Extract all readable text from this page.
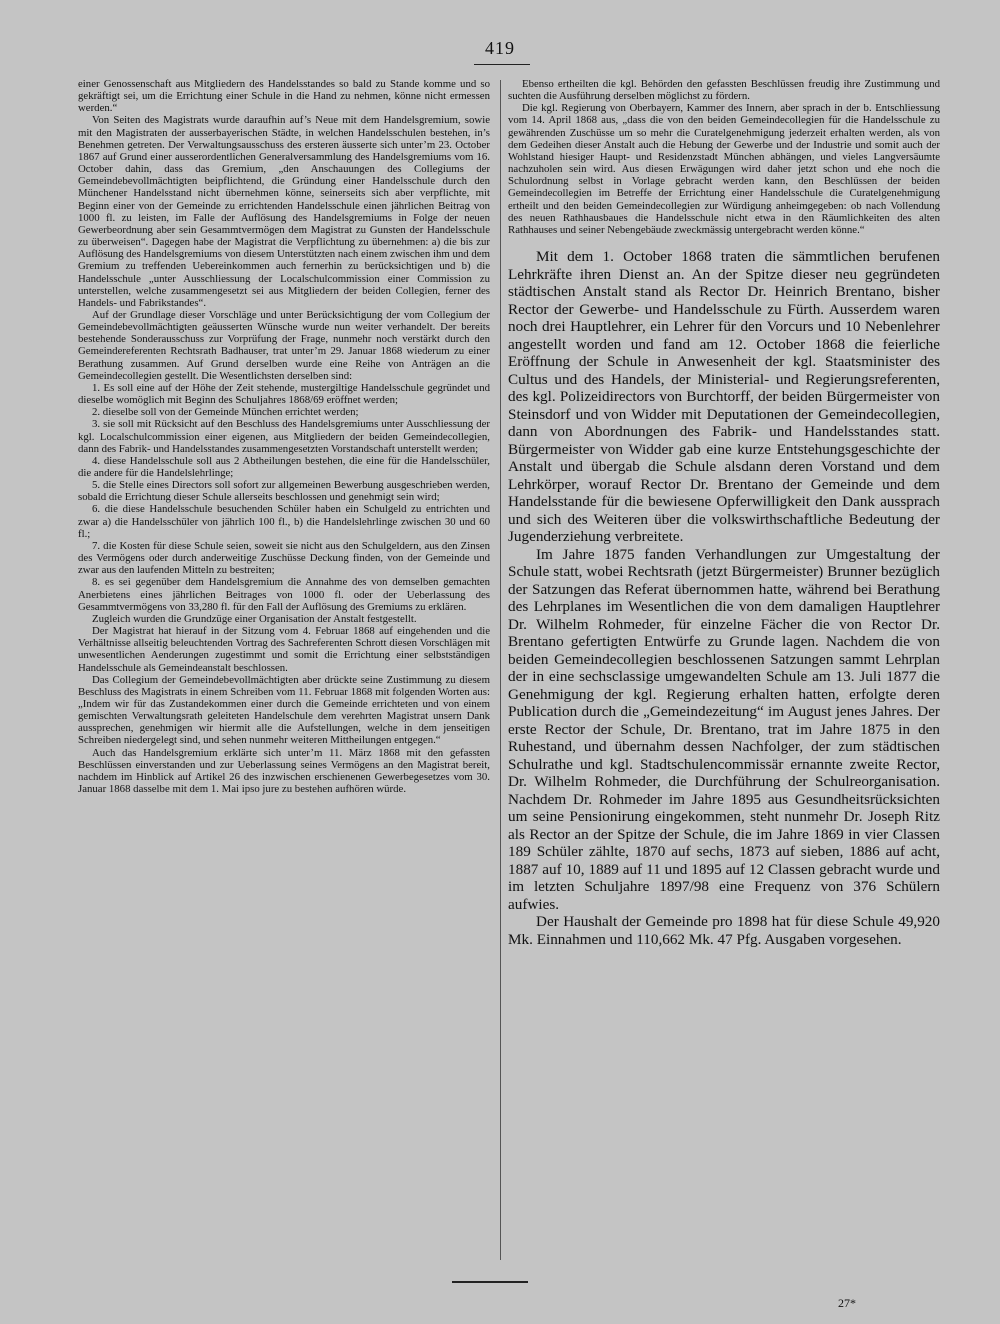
419

einer Genossenschaft aus Mitgliedern des Handelsstandes so bald zu Stande komme und so gekräftigt sei, um die Errichtung einer Schule in die Hand zu nehmen, könne nicht ermessen werden.“

Von Seiten des Magistrats wurde daraufhin auf’s Neue mit dem Handelsgremium, sowie mit den Magistraten der ausserbayerischen Städte, in welchen Handelsschulen bestehen, in’s Benehmen getreten. Der Verwaltungsausschuss des ersteren äusserte sich unter’m 23. October 1867 auf Grund einer ausserordentlichen Generalversammlung des Handelsgremiums vom 16. October dahin, dass das Gremium, „den Anschauungen des Collegiums der Gemeindebevollmächtigten beipflichtend, die Gründung einer Handelsschule durch den Münchener Handelsstand nicht übernehmen könne, seinerseits sich aber verpflichte, mit Beginn einer von der Gemeinde zu errichtenden Handelsschule einen jährlichen Beitrag von 1000 fl. zu leisten, im Falle der Auflösung des Handelsgremiums in Folge der neuen Gewerbeordnung aber sein Gesammtvermögen dem Magistrat zu Gunsten der Handelsschule zu überweisen“. Dagegen habe der Magistrat die Verpflichtung zu übernehmen: a) die bis zur Auflösung des Handelsgremiums von diesem Unterstützten nach einem zwischen ihm und dem Gremium zu treffenden Uebereinkommen auch fernerhin zu berücksichtigen und b) die Handelsschule „unter Ausschliessung der Localschulcommission einer Commission zu unterstellen, welche zusammengesetzt sei aus Mitgliedern der beiden Collegien, ferner des Handels- und Fabrikstandes“.

Auf der Grundlage dieser Vorschläge und unter Berücksichtigung der vom Collegium der Gemeindebevollmächtigten geäusserten Wünsche wurde nun weiter verhandelt. Der bereits bestehende Sonderausschuss zur Vorprüfung der Frage, nunmehr noch verstärkt durch den Gemeindereferenten Rechtsrath Badhauser, trat unter’m 29. Januar 1868 wiederum zu einer Berathung zusammen. Auf Grund derselben wurde eine Reihe von Anträgen an die Gemeindecollegien gestellt. Die Wesentlichsten derselben sind:

1. Es soll eine auf der Höhe der Zeit stehende, mustergiltige Handelsschule gegründet und dieselbe womöglich mit Beginn des Schuljahres 1868/69 eröffnet werden;

2. dieselbe soll von der Gemeinde München errichtet werden;

3. sie soll mit Rücksicht auf den Beschluss des Handelsgremiums unter Ausschliessung der kgl. Localschulcommission einer eigenen, aus Mitgliedern der beiden Gemeindecollegien, dann des Fabrik- und Handelsstandes zusammengesetzten Vorstandschaft unterstellt werden;

4. diese Handelsschule soll aus 2 Abtheilungen bestehen, die eine für die Handelsschüler, die andere für die Handelslehrlinge;

5. die Stelle eines Directors soll sofort zur allgemeinen Bewerbung ausgeschrieben werden, sobald die Errichtung dieser Schule allerseits beschlossen und genehmigt sein wird;

6. die diese Handelsschule besuchenden Schüler haben ein Schulgeld zu entrichten und zwar a) die Handelsschüler von jährlich 100 fl., b) die Handelslehrlinge zwischen 30 und 60 fl.;

7. die Kosten für diese Schule seien, soweit sie nicht aus den Schulgeldern, aus den Zinsen des Vermögens oder durch anderweitige Zuschüsse Deckung finden, von der Gemeinde und zwar aus den laufenden Mitteln zu bestreiten;

8. es sei gegenüber dem Handelsgremium die Annahme des von demselben gemachten Anerbietens eines jährlichen Beitrages von 1000 fl. oder der Ueberlassung des Gesammtvermögens von 33,280 fl. für den Fall der Auflösung des Gremiums zu erklären.

Zugleich wurden die Grundzüge einer Organisation der Anstalt festgestellt.

Der Magistrat hat hierauf in der Sitzung vom 4. Februar 1868 auf eingehenden und die Verhältnisse allseitig beleuchtenden Vortrag des Sachreferenten Schrott diesen Vorschlägen mit unwesentlichen Aenderungen zugestimmt und somit die Errichtung einer selbstständigen Handelsschule als Gemeindeanstalt beschlossen.

Das Collegium der Gemeindebevollmächtigten aber drückte seine Zustimmung zu diesem Beschluss des Magistrats in einem Schreiben vom 11. Februar 1868 mit folgenden Worten aus: „Indem wir für das Zustandekommen einer durch die Gemeinde errichteten und von einem gemischten Verwaltungsrath geleiteten Handelschule dem verehrten Magistrat unsern Dank aussprechen, genehmigen wir hiermit alle die Aufstellungen, welche in dem jenseitigen Schreiben niedergelegt sind, und sehen nunmehr weiteren Mittheilungen entgegen.“

Auch das Handelsgremium erklärte sich unter’m 11. März 1868 mit den gefassten Beschlüssen einverstanden und zur Ueberlassung seines Vermögens an den Magistrat bereit, nachdem im Hinblick auf Artikel 26 des inzwischen erschienenen Gewerbegesetzes vom 30. Januar 1868 dasselbe mit dem 1. Mai ipso jure zu bestehen aufhören würde.

Ebenso ertheilten die kgl. Behörden den gefassten Beschlüssen freudig ihre Zustimmung und suchten die Ausführung derselben möglichst zu fördern.

Die kgl. Regierung von Oberbayern, Kammer des Innern, aber sprach in der b. Entschliessung vom 14. April 1868 aus, „dass die von den beiden Gemeindecollegien für die Handelsschule zu gewährenden Zuschüsse um so mehr die Curatelgenehmigung jederzeit erhalten werden, als von dem Gedeihen dieser Anstalt auch die Hebung der Gewerbe und der Industrie und somit auch der Wohlstand hiesiger Haupt- und Residenzstadt München abhängen, und vieles Langversäumte nachzuholen sein wird. Aus diesen Erwägungen wird daher jetzt schon und ehe noch die Schulordnung selbst in Vorlage gebracht werden kann, den Beschlüssen der beiden Gemeindecollegien im Betreffe der Errichtung einer Handelsschule die Curatelgenehmigung ertheilt und den beiden Gemeindecollegien zur Würdigung anheimgegeben: ob nach Vollendung des neuen Rathhausbaues die Handelsschule nicht etwa in den Räumlichkeiten des alten Rathhauses und seiner Nebengebäude zweckmässig untergebracht werden könne.“

Mit dem 1. October 1868 traten die sämmtlichen berufenen Lehrkräfte ihren Dienst an. An der Spitze dieser neu gegründeten städtischen Anstalt stand als Rector Dr. Heinrich Brentano, bisher Rector der Gewerbe- und Handelsschule zu Fürth. Ausserdem waren noch drei Hauptlehrer, ein Lehrer für den Vorcurs und 10 Nebenlehrer angestellt worden und fand am 12. October 1868 die feierliche Eröffnung der Schule in Anwesenheit der kgl. Staatsminister des Cultus und des Handels, der Ministerial- und Regierungsreferenten, des kgl. Polizeidirectors von Burchtorff, der beiden Bürgermeister von Steinsdorf und von Widder mit Deputationen der Gemeindecollegien, dann von Abordnungen des Fabrik- und Handelsstandes statt. Bürgermeister von Widder gab eine kurze Entstehungsgeschichte der Anstalt und übergab die Schule alsdann deren Vorstand und dem Lehrkörper, worauf Rector Dr. Brentano der Gemeinde und dem Handelsstande für die bewiesene Opferwilligkeit den Dank aussprach und sich des Weiteren über die volkswirthschaftliche Bedeutung der Jugenderziehung verbreitete.

Im Jahre 1875 fanden Verhandlungen zur Umgestaltung der Schule statt, wobei Rechtsrath (jetzt Bürgermeister) Brunner bezüglich der Satzungen das Referat übernommen hatte, während bei Berathung des Lehrplanes im Wesentlichen die von dem damaligen Hauptlehrer Dr. Wilhelm Rohmeder, für einzelne Fächer die von Rector Dr. Brentano gefertigten Entwürfe zu Grunde lagen. Nachdem die von beiden Gemeindecollegien beschlossenen Satzungen sammt Lehrplan der in eine sechsclassige umgewandelten Schule am 13. Juli 1877 die Genehmigung der kgl. Regierung erhalten hatten, erfolgte deren Publication durch die „Gemeindezeitung“ im August jenes Jahres. Der erste Rector der Schule, Dr. Brentano, trat im Jahre 1875 in den Ruhestand, und übernahm dessen Nachfolger, der zum städtischen Schulrathe und kgl. Stadtschulencommissär ernannte zweite Rector, Dr. Wilhelm Rohmeder, die Durchführung der Schulreorganisation. Nachdem Dr. Rohmeder im Jahre 1895 aus Gesundheitsrücksichten um seine Pensionirung eingekommen, steht nunmehr Dr. Joseph Ritz als Rector an der Spitze der Schule, die im Jahre 1869 in vier Classen 189 Schüler zählte, 1870 auf sechs, 1873 auf sieben, 1886 auf acht, 1887 auf 10, 1889 auf 11 und 1895 auf 12 Classen gebracht wurde und im letzten Schuljahre 1897/98 eine Frequenz von 376 Schülern aufwies.

Der Haushalt der Gemeinde pro 1898 hat für diese Schule 49,920 Mk. Einnahmen und 110,662 Mk. 47 Pfg. Ausgaben vorgesehen.

27*
